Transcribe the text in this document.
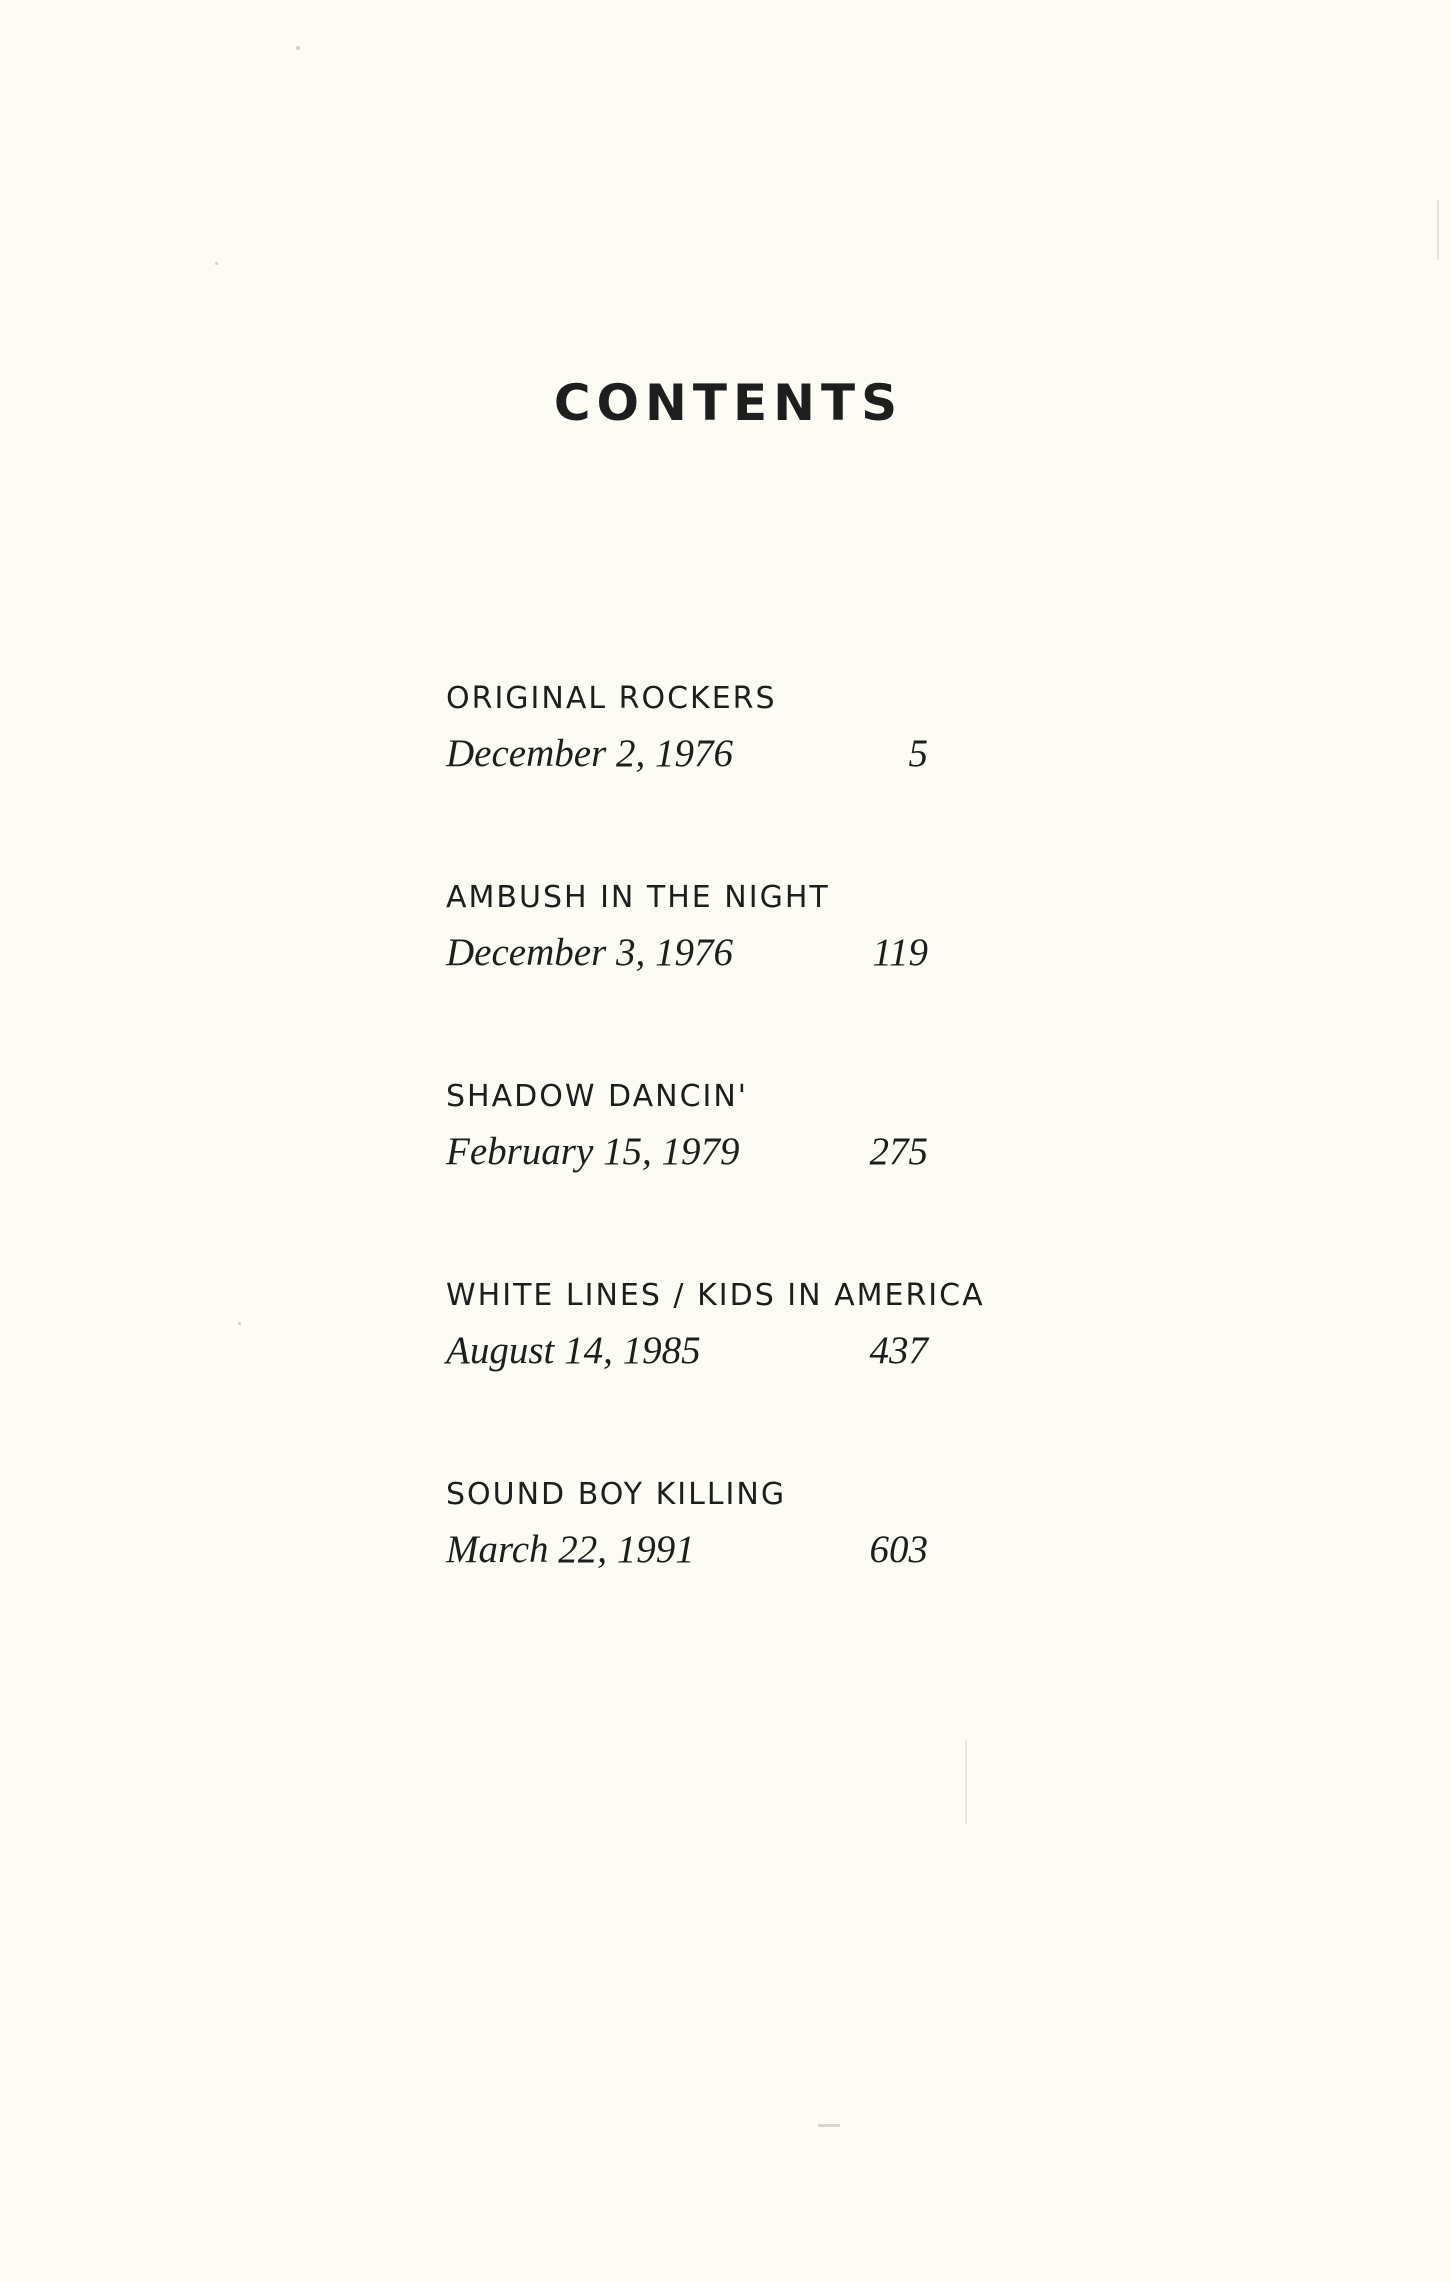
CONTENTS
ORIGINAL ROCKERS
December 2, 1976	5
AMBUSH IN THE NIGHT
December 3, 1976	119
SHADOW DANCIN'
February 15, 1979	275
WHITE LINES / KIDS IN AMERICA
August 14, 1985	437
SOUND BOY KILLING
March 22, 1991	603
